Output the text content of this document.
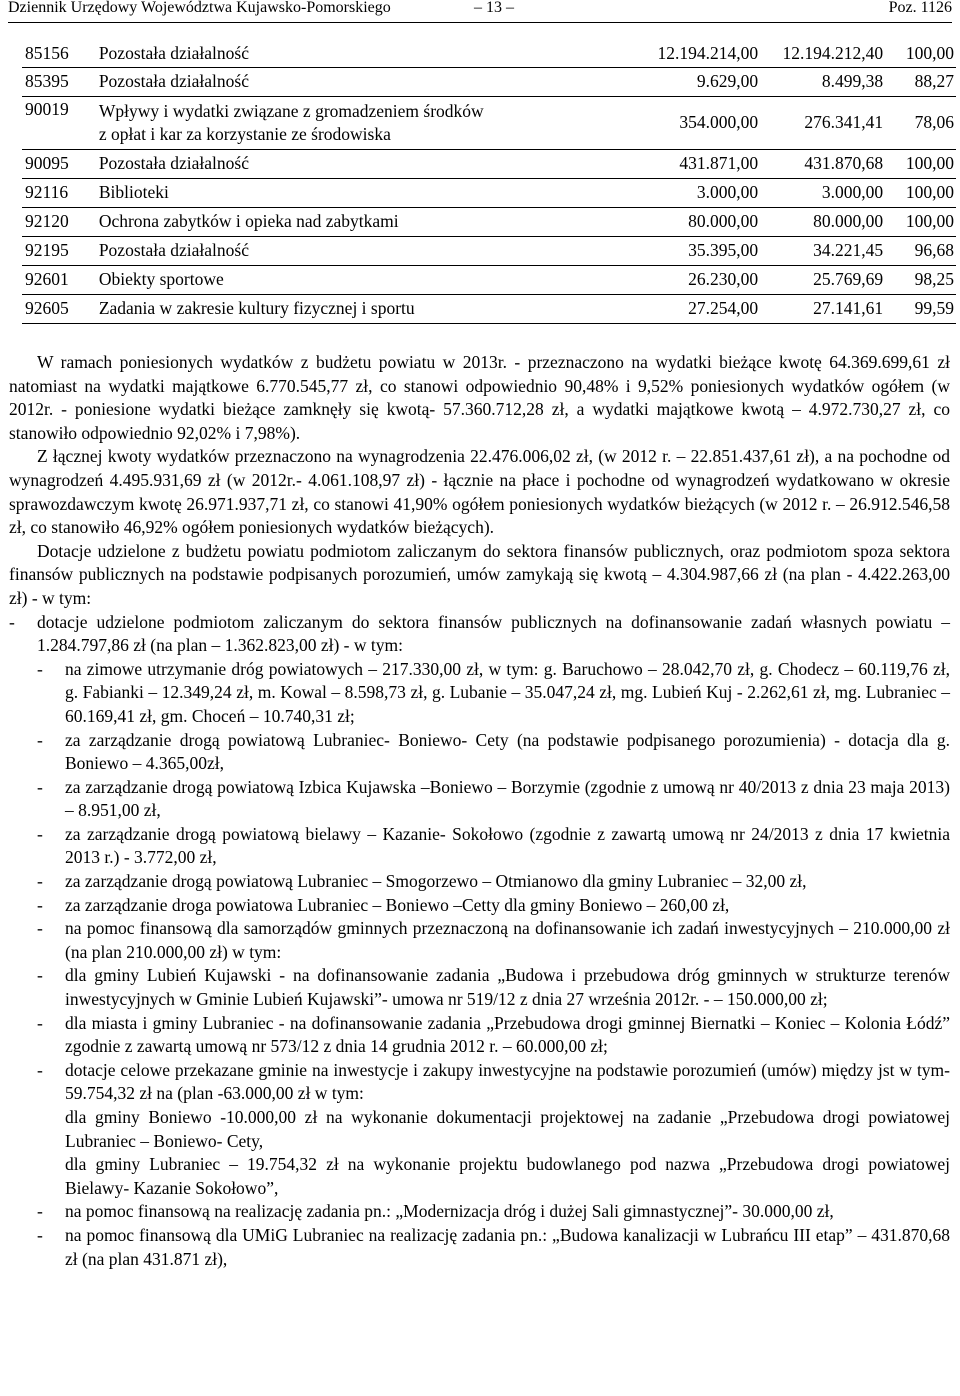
Dziennik Urzędowy Województwa Kujawsko-Pomorskiego	– 13 –	Poz. 1126
85156	Pozostała działalność	12.194.214,00	12.194.212,40	100,00
85395	Pozostała działalność	9.629,00	8.499,38	88,27
90019	Wpływy i wydatki związane z gromadzeniem środków
z opłat i kar za korzystanie ze środowiska	354.000,00	276.341,41	78,06
90095	Pozostała działalność	431.871,00	431.870,68	100,00
92116	Biblioteki	3.000,00	3.000,00	100,00
92120	Ochrona zabytków i opieka nad zabytkami	80.000,00	80.000,00	100,00
92195	Pozostała działalność	35.395,00	34.221,45	96,68
92601	Obiekty sportowe	26.230,00	25.769,69	98,25
92605	Zadania w zakresie kultury fizycznej i sportu	27.254,00	27.141,61	99,59

W ramach poniesionych wydatków z budżetu powiatu w 2013r. - przeznaczono na wydatki bieżące kwotę 64.369.699,61 zł natomiast na wydatki majątkowe 6.770.545,77 zł, co stanowi odpowiednio 90,48% i 9,52% poniesionych wydatków ogółem (w 2012r. - poniesione wydatki bieżące zamknęły się kwotą- 57.360.712,28 zł, a wydatki majątkowe kwotą – 4.972.730,27 zł, co stanowiło odpowiednio 92,02% i 7,98%).

Z łącznej kwoty wydatków przeznaczono na wynagrodzenia 22.476.006,02 zł, (w 2012 r. – 22.851.437,61 zł), a na pochodne od wynagrodzeń 4.495.931,69 zł (w 2012r.- 4.061.108,97 zł) - łącznie na płace i pochodne od wynagrodzeń wydatkowano w okresie sprawozdawczym kwotę 26.971.937,71 zł, co stanowi 41,90% ogółem poniesionych wydatków bieżących (w 2012 r. – 26.912.546,58 zł, co stanowiło 46,92% ogółem poniesionych wydatków bieżących).

Dotacje udzielone z budżetu powiatu podmiotom zaliczanym do sektora finansów publicznych, oraz podmiotom spoza sektora finansów publicznych na podstawie podpisanych porozumień, umów zamykają się kwotą – 4.304.987,66 zł (na plan - 4.422.263,00 zł) - w tym:

- dotacje udzielone podmiotom zaliczanym do sektora finansów publicznych na dofinansowanie zadań własnych powiatu – 1.284.797,86 zł (na plan – 1.362.823,00 zł) - w tym:
- na zimowe utrzymanie dróg powiatowych – 217.330,00 zł, w tym: g. Baruchowo – 28.042,70 zł, g. Chodecz – 60.119,76 zł, g. Fabianki – 12.349,24 zł, m. Kowal – 8.598,73 zł, g. Lubanie – 35.047,24 zł, mg. Lubień Kuj - 2.262,61 zł, mg. Lubraniec – 60.169,41 zł, gm. Choceń – 10.740,31 zł;
- za zarządzanie drogą powiatową Lubraniec- Boniewo- Cety (na podstawie podpisanego porozumienia) - dotacja dla g. Boniewo – 4.365,00zł,
- za zarządzanie drogą powiatową Izbica Kujawska –Boniewo – Borzymie (zgodnie z umową nr 40/2013 z dnia 23 maja 2013) – 8.951,00 zł,
- za zarządzanie drogą powiatową bielawy – Kazanie- Sokołowo (zgodnie z zawartą umową nr 24/2013 z dnia 17 kwietnia 2013 r.) - 3.772,00 zł,
- za zarządzanie drogą powiatową Lubraniec – Smogorzewo – Otmianowo dla gminy Lubraniec – 32,00 zł,
- za zarządzanie droga powiatowa Lubraniec – Boniewo –Cetty dla gminy Boniewo – 260,00 zł,
- na pomoc finansową dla samorządów gminnych przeznaczoną na dofinansowanie ich zadań inwestycyjnych – 210.000,00 zł (na plan 210.000,00 zł) w tym:
- dla gminy Lubień Kujawski - na dofinansowanie zadania „Budowa i przebudowa dróg gminnych w strukturze terenów inwestycyjnych w Gminie Lubień Kujawski”- umowa nr 519/12 z dnia 27 września 2012r. - – 150.000,00 zł;
- dla miasta i gminy Lubraniec - na dofinansowanie zadania „Przebudowa drogi gminnej Biernatki – Koniec – Kolonia Łódź” zgodnie z zawartą umową nr 573/12 z dnia 14 grudnia 2012 r. – 60.000,00 zł;
- dotacje celowe przekazane gminie na inwestycje i zakupy inwestycyjne na podstawie porozumień (umów) między jst w tym- 59.754,32 zł na (plan -63.000,00 zł w tym:

dla gminy Boniewo -10.000,00 zł na wykonanie dokumentacji projektowej na zadanie „Przebudowa drogi powiatowej Lubraniec – Boniewo- Cety,

dla gminy Lubraniec – 19.754,32 zł na wykonanie projektu budowlanego pod nazwa „Przebudowa drogi powiatowej Bielawy- Kazanie Sokołowo”,

- na pomoc finansową na realizację zadania pn.: „Modernizacja dróg i dużej Sali gimnastycznej”- 30.000,00 zł,
- na pomoc finansową dla UMiG Lubraniec na realizację zadania pn.: „Budowa kanalizacji w Lubrańcu III etap” – 431.870,68 zł (na plan 431.871 zł),
